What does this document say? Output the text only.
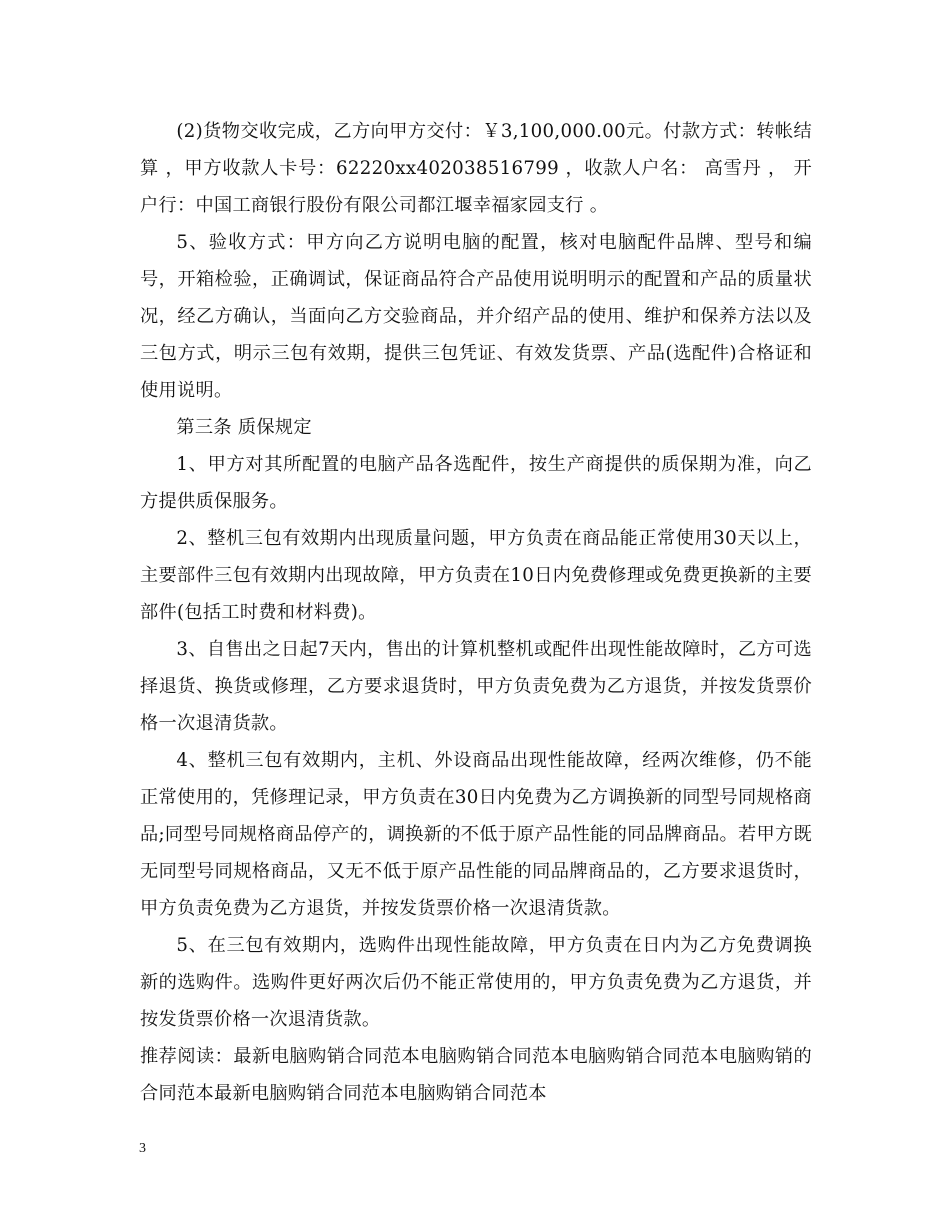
(2)货物交收完成，乙方向甲方交付：￥3,100,000.00元。付款方式：转帐结算 ，甲方收款人卡号：62220xx402038516799 ，收款人户名： 高雪丹 ， 开户行：中国工商银行股份有限公司都江堰幸福家园支行 。

5、验收方式：甲方向乙方说明电脑的配置，核对电脑配件品牌、型号和编号，开箱检验，正确调试，保证商品符合产品使用说明明示的配置和产品的质量状况，经乙方确认，当面向乙方交验商品，并介绍产品的使用、维护和保养方法以及三包方式，明示三包有效期，提供三包凭证、有效发货票、产品(选配件)合格证和使用说明。

第三条 质保规定

1、甲方对其所配置的电脑产品各选配件，按生产商提供的质保期为准，向乙方提供质保服务。

2、整机三包有效期内出现质量问题，甲方负责在商品能正常使用30天以上，主要部件三包有效期内出现故障，甲方负责在10日内免费修理或免费更换新的主要部件(包括工时费和材料费)。

3、自售出之日起7天内，售出的计算机整机或配件出现性能故障时，乙方可选择退货、换货或修理，乙方要求退货时，甲方负责免费为乙方退货，并按发货票价格一次退清货款。

4、整机三包有效期内，主机、外设商品出现性能故障，经两次维修，仍不能正常使用的，凭修理记录，甲方负责在30日内免费为乙方调换新的同型号同规格商品;同型号同规格商品停产的，调换新的不低于原产品性能的同品牌商品。若甲方既无同型号同规格商品，又无不低于原产品性能的同品牌商品的，乙方要求退货时，甲方负责免费为乙方退货，并按发货票价格一次退清货款。

5、在三包有效期内，选购件出现性能故障，甲方负责在日内为乙方免费调换新的选购件。选购件更好两次后仍不能正常使用的，甲方负责免费为乙方退货，并按发货票价格一次退清货款。

推荐阅读：最新电脑购销合同范本电脑购销合同范本电脑购销合同范本电脑购销的合同范本最新电脑购销合同范本电脑购销合同范本

3
